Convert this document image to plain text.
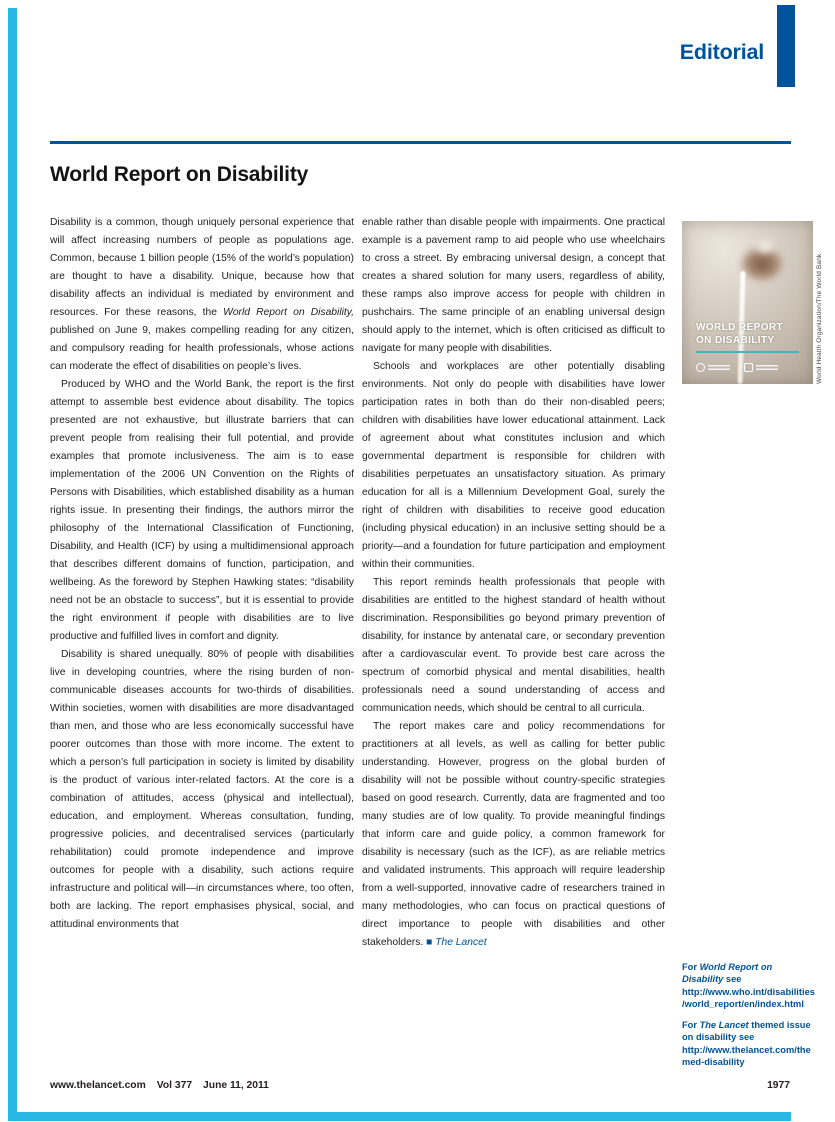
Editorial
World Report on Disability

Disability is a common, though uniquely personal experience that will affect increasing numbers of people as populations age. Common, because 1 billion people (15% of the world’s population) are thought to have a disability. Unique, because how that disability affects an individual is mediated by environment and resources. For these reasons, the World Report on Disability, published on June 9, makes compelling reading for any citizen, and compulsory reading for health professionals, whose actions can moderate the effect of disabilities on people’s lives.

Produced by WHO and the World Bank, the report is the first attempt to assemble best evidence about disability. The topics presented are not exhaustive, but illustrate barriers that can prevent people from realising their full potential, and provide examples that promote inclusiveness. The aim is to ease implementation of the 2006 UN Convention on the Rights of Persons with Disabilities, which established disability as a human rights issue. In presenting their findings, the authors mirror the philosophy of the International Classification of Functioning, Disability, and Health (ICF) by using a multidimensional approach that describes different domains of function, participation, and wellbeing. As the foreword by Stephen Hawking states: “disability need not be an obstacle to success”, but it is essential to provide the right environment if people with disabilities are to live productive and fulfilled lives in comfort and dignity.

Disability is shared unequally. 80% of people with disabilities live in developing countries, where the rising burden of non-communicable diseases accounts for two-thirds of disabilities. Within societies, women with disabilities are more disadvantaged than men, and those who are less economically successful have poorer outcomes than those with more income. The extent to which a person’s full participation in society is limited by disability is the product of various inter-related factors. At the core is a combination of attitudes, access (physical and intellectual), education, and employment. Whereas consultation, funding, progressive policies, and decentralised services (particularly rehabilitation) could promote independence and improve outcomes for people with a disability, such actions require infrastructure and political will—in circumstances where, too often, both are lacking. The report emphasises physical, social, and attitudinal environments that

enable rather than disable people with impairments. One practical example is a pavement ramp to aid people who use wheelchairs to cross a street. By embracing universal design, a concept that creates a shared solution for many users, regardless of ability, these ramps also improve access for people with children in pushchairs. The same principle of an enabling universal design should apply to the internet, which is often criticised as difficult to navigate for many people with disabilities.

Schools and workplaces are other potentially disabling environments. Not only do people with disabilities have lower participation rates in both than do their non-disabled peers; children with disabilities have lower educational attainment. Lack of agreement about what constitutes inclusion and which governmental department is responsible for children with disabilities perpetuates an unsatisfactory situation. As primary education for all is a Millennium Development Goal, surely the right of children with disabilities to receive good education (including physical education) in an inclusive setting should be a priority—and a foundation for future participation and employment within their communities.

This report reminds health professionals that people with disabilities are entitled to the highest standard of health without discrimination. Responsibilities go beyond primary prevention of disability, for instance by antenatal care, or secondary prevention after a cardiovascular event. To provide best care across the spectrum of comorbid physical and mental disabilities, health professionals need a sound understanding of access and communication needs, which should be central to all curricula.

The report makes care and policy recommendations for practitioners at all levels, as well as calling for better public understanding. However, progress on the global burden of disability will not be possible without country-specific strategies based on good research. Currently, data are fragmented and too many studies are of low quality. To provide meaningful findings that inform care and guide policy, a common framework for disability is necessary (such as the ICF), as are reliable metrics and validated instruments. This approach will require leadership from a well-supported, innovative cadre of researchers trained in many methodologies, who can focus on practical questions of direct importance to people with disabilities and other stakeholders. ■ The Lancet

WORLD REPORT
ON DISABILITY	World Health Organization/The World Bank

For World Report on Disability see http://www.who.int/disabilities/world_report/en/index.html

For The Lancet themed issue on disability see http://www.thelancet.com/themed-disability

www.thelancet.com Vol 377 June 11, 2011	1977
